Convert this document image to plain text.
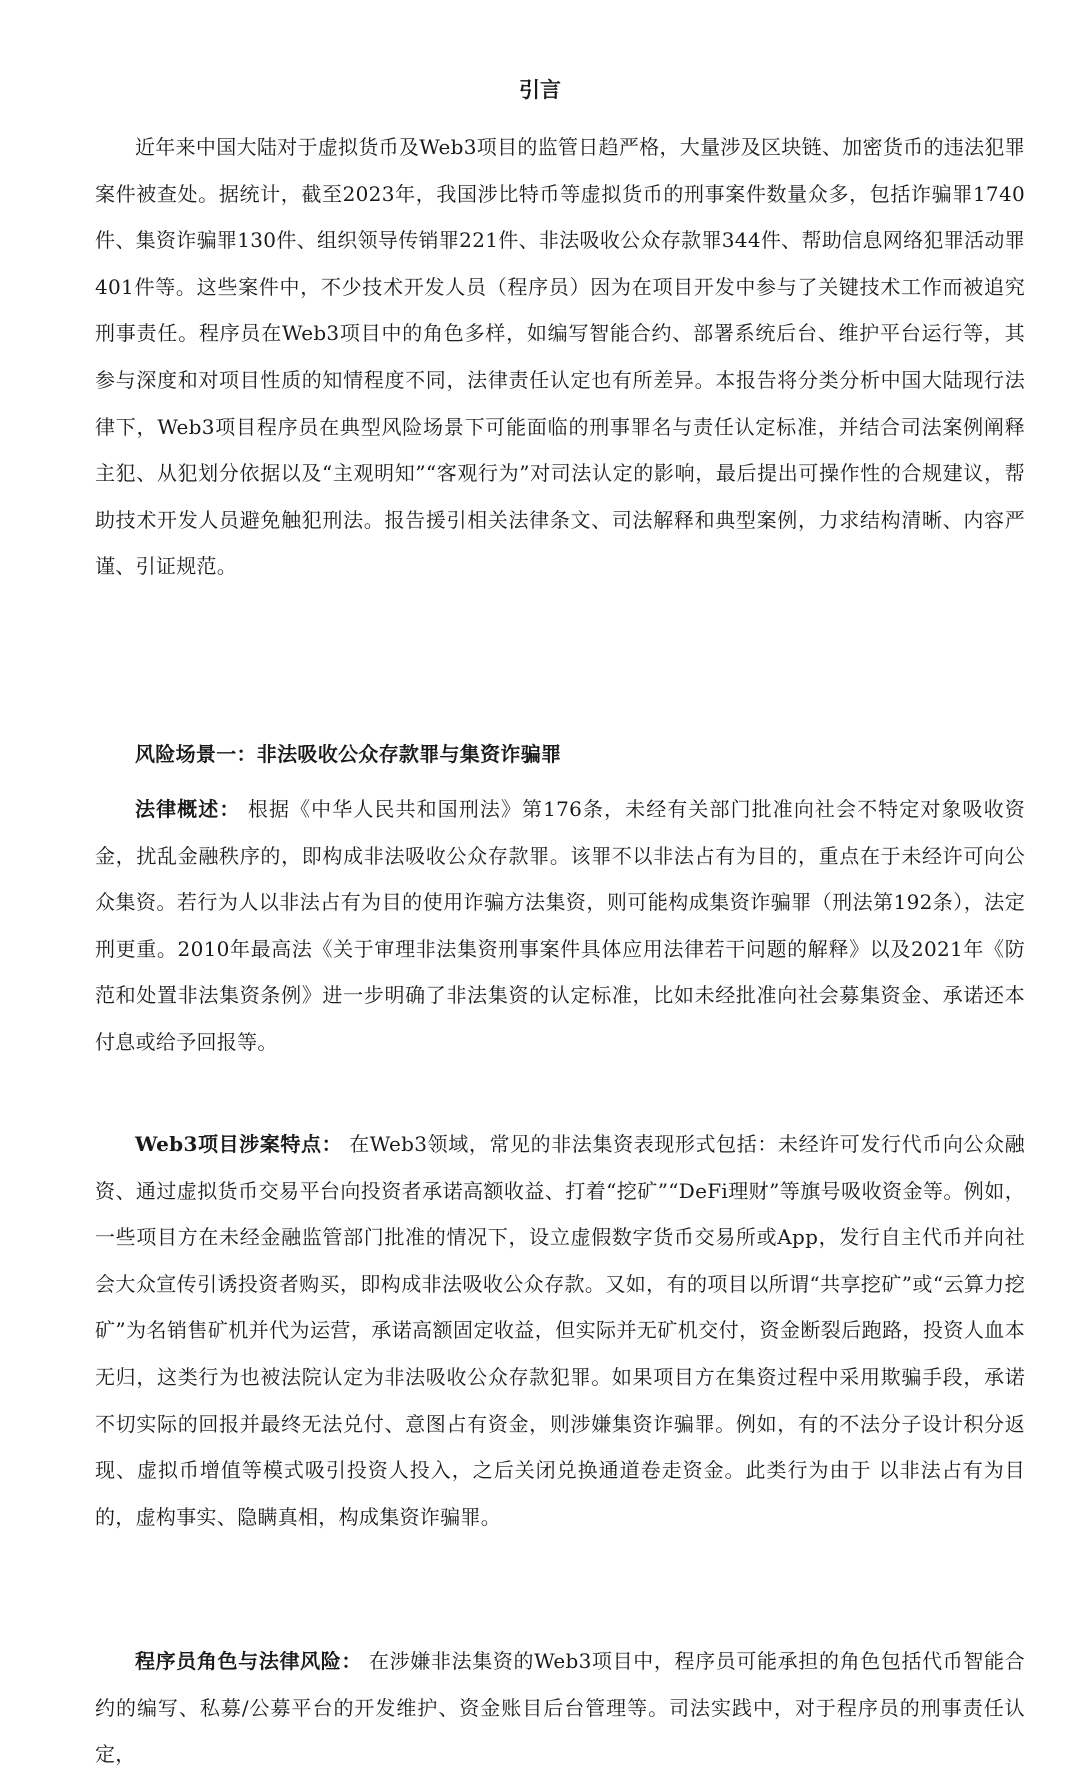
引言

近年来中国大陆对于虚拟货币及Web3项目的监管日趋严格，大量涉及区块链、加密货币的违法犯罪案件被查处。据统计，截至2023年，我国涉比特币等虚拟货币的刑事案件数量众多，包括诈骗罪1740件、集资诈骗罪130件、组织领导传销罪221件、非法吸收公众存款罪344件、帮助信息网络犯罪活动罪401件等。这些案件中，不少技术开发人员（程序员）因为在项目开发中参与了关键技术工作而被追究刑事责任。程序员在Web3项目中的角色多样，如编写智能合约、部署系统后台、维护平台运行等，其参与深度和对项目性质的知情程度不同，法律责任认定也有所差异。本报告将分类分析中国大陆现行法律下，Web3项目程序员在典型风险场景下可能面临的刑事罪名与责任认定标准，并结合司法案例阐释主犯、从犯划分依据以及“主观明知”“客观行为”对司法认定的影响，最后提出可操作性的合规建议，帮助技术开发人员避免触犯刑法。报告援引相关法律条文、司法解释和典型案例，力求结构清晰、内容严谨、引证规范。

风险场景一：非法吸收公众存款罪与集资诈骗罪

法律概述： 根据《中华人民共和国刑法》第176条，未经有关部门批准向社会不特定对象吸收资金，扰乱金融秩序的，即构成非法吸收公众存款罪。该罪不以非法占有为目的，重点在于未经许可向公众集资。若行为人以非法占有为目的使用诈骗方法集资，则可能构成集资诈骗罪（刑法第192条），法定刑更重。2010年最高法《关于审理非法集资刑事案件具体应用法律若干问题的解释》以及2021年《防范和处置非法集资条例》进一步明确了非法集资的认定标准，比如未经批准向社会募集资金、承诺还本付息或给予回报等。

Web3项目涉案特点： 在Web3领域，常见的非法集资表现形式包括：未经许可发行代币向公众融资、通过虚拟货币交易平台向投资者承诺高额收益、打着“挖矿”“DeFi理财”等旗号吸收资金等。例如，一些项目方在未经金融监管部门批准的情况下，设立虚假数字货币交易所或App，发行自主代币并向社会大众宣传引诱投资者购买，即构成非法吸收公众存款。又如，有的项目以所谓“共享挖矿”或“云算力挖矿”为名销售矿机并代为运营，承诺高额固定收益，但实际并无矿机交付，资金断裂后跑路，投资人血本无归，这类行为也被法院认定为非法吸收公众存款犯罪。如果项目方在集资过程中采用欺骗手段，承诺不切实际的回报并最终无法兑付、意图占有资金，则涉嫌集资诈骗罪。例如，有的不法分子设计积分返现、虚拟币增值等模式吸引投资人投入，之后关闭兑换通道卷走资金。此类行为由于 以非法占有为目的，虚构事实、隐瞒真相，构成集资诈骗罪。

程序员角色与法律风险： 在涉嫌非法集资的Web3项目中，程序员可能承担的角色包括代币智能合约的编写、私募/公募平台的开发维护、资金账目后台管理等。司法实践中，对于程序员的刑事责任认定，
